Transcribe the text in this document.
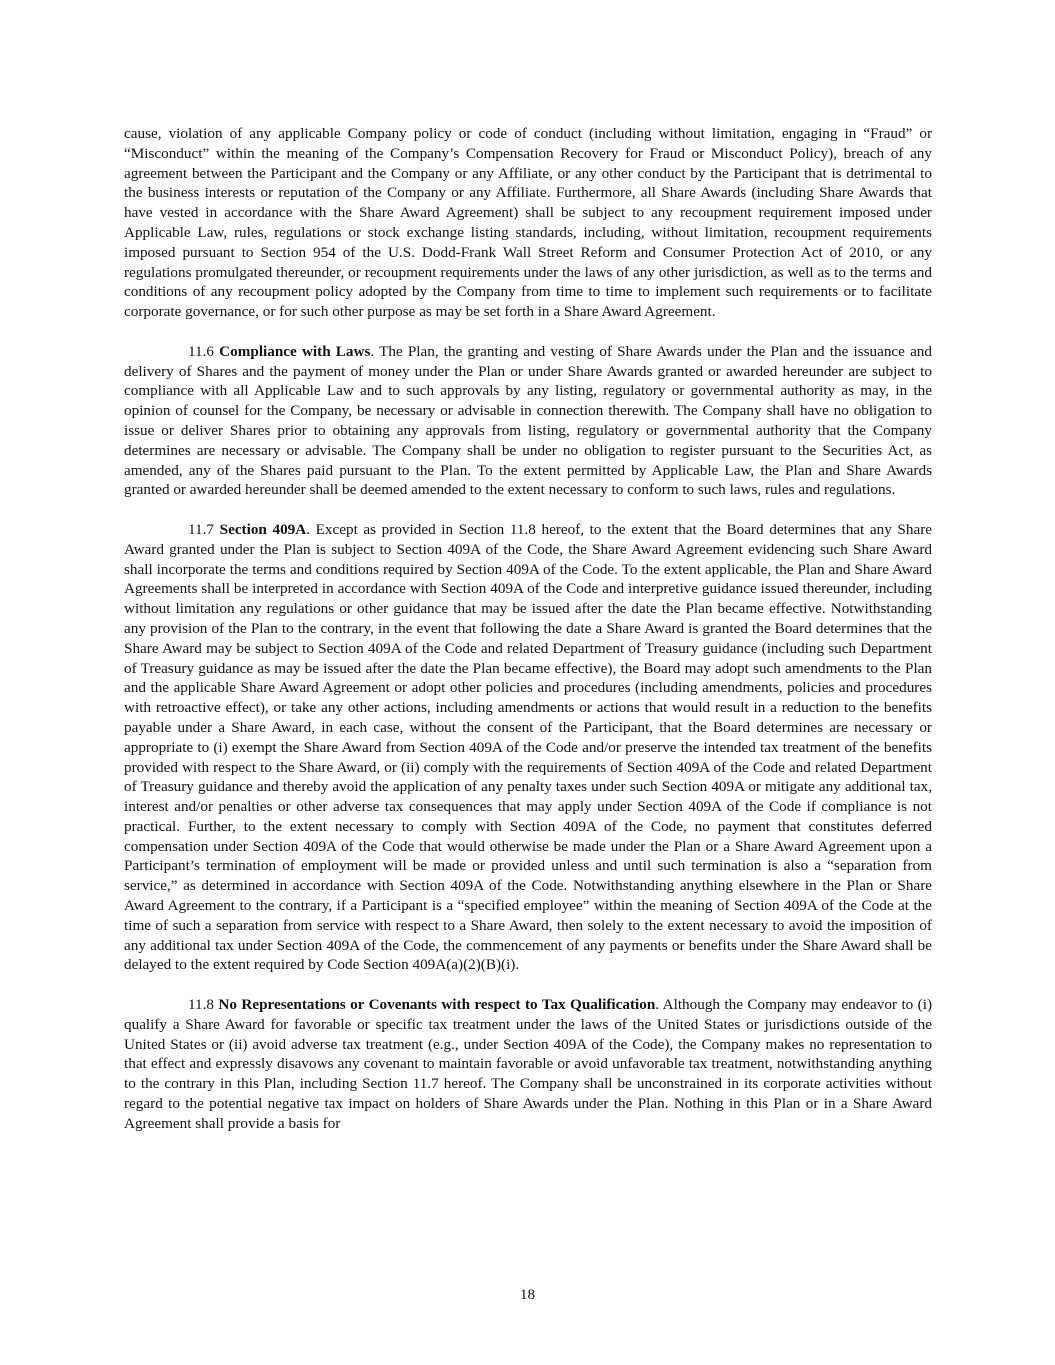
cause, violation of any applicable Company policy or code of conduct (including without limitation, engaging in “Fraud” or “Misconduct” within the meaning of the Company’s Compensation Recovery for Fraud or Misconduct Policy), breach of any agreement between the Participant and the Company or any Affiliate, or any other conduct by the Participant that is detrimental to the business interests or reputation of the Company or any Affiliate. Furthermore, all Share Awards (including Share Awards that have vested in accordance with the Share Award Agreement) shall be subject to any recoupment requirement imposed under Applicable Law, rules, regulations or stock exchange listing standards, including, without limitation, recoupment requirements imposed pursuant to Section 954 of the U.S. Dodd-Frank Wall Street Reform and Consumer Protection Act of 2010, or any regulations promulgated thereunder, or recoupment requirements under the laws of any other jurisdiction, as well as to the terms and conditions of any recoupment policy adopted by the Company from time to time to implement such requirements or to facilitate corporate governance, or for such other purpose as may be set forth in a Share Award Agreement.

11.6 Compliance with Laws. The Plan, the granting and vesting of Share Awards under the Plan and the issuance and delivery of Shares and the payment of money under the Plan or under Share Awards granted or awarded hereunder are subject to compliance with all Applicable Law and to such approvals by any listing, regulatory or governmental authority as may, in the opinion of counsel for the Company, be necessary or advisable in connection therewith. The Company shall have no obligation to issue or deliver Shares prior to obtaining any approvals from listing, regulatory or governmental authority that the Company determines are necessary or advisable. The Company shall be under no obligation to register pursuant to the Securities Act, as amended, any of the Shares paid pursuant to the Plan. To the extent permitted by Applicable Law, the Plan and Share Awards granted or awarded hereunder shall be deemed amended to the extent necessary to conform to such laws, rules and regulations.

11.7 Section 409A. Except as provided in Section 11.8 hereof, to the extent that the Board determines that any Share Award granted under the Plan is subject to Section 409A of the Code, the Share Award Agreement evidencing such Share Award shall incorporate the terms and conditions required by Section 409A of the Code. To the extent applicable, the Plan and Share Award Agreements shall be interpreted in accordance with Section 409A of the Code and interpretive guidance issued thereunder, including without limitation any regulations or other guidance that may be issued after the date the Plan became effective. Notwithstanding any provision of the Plan to the contrary, in the event that following the date a Share Award is granted the Board determines that the Share Award may be subject to Section 409A of the Code and related Department of Treasury guidance (including such Department of Treasury guidance as may be issued after the date the Plan became effective), the Board may adopt such amendments to the Plan and the applicable Share Award Agreement or adopt other policies and procedures (including amendments, policies and procedures with retroactive effect), or take any other actions, including amendments or actions that would result in a reduction to the benefits payable under a Share Award, in each case, without the consent of the Participant, that the Board determines are necessary or appropriate to (i) exempt the Share Award from Section 409A of the Code and/or preserve the intended tax treatment of the benefits provided with respect to the Share Award, or (ii) comply with the requirements of Section 409A of the Code and related Department of Treasury guidance and thereby avoid the application of any penalty taxes under such Section 409A or mitigate any additional tax, interest and/or penalties or other adverse tax consequences that may apply under Section 409A of the Code if compliance is not practical. Further, to the extent necessary to comply with Section 409A of the Code, no payment that constitutes deferred compensation under Section 409A of the Code that would otherwise be made under the Plan or a Share Award Agreement upon a Participant’s termination of employment will be made or provided unless and until such termination is also a “separation from service,” as determined in accordance with Section 409A of the Code. Notwithstanding anything elsewhere in the Plan or Share Award Agreement to the contrary, if a Participant is a “specified employee” within the meaning of Section 409A of the Code at the time of such a separation from service with respect to a Share Award, then solely to the extent necessary to avoid the imposition of any additional tax under Section 409A of the Code, the commencement of any payments or benefits under the Share Award shall be delayed to the extent required by Code Section 409A(a)(2)(B)(i).

11.8 No Representations or Covenants with respect to Tax Qualification. Although the Company may endeavor to (i) qualify a Share Award for favorable or specific tax treatment under the laws of the United States or jurisdictions outside of the United States or (ii) avoid adverse tax treatment (e.g., under Section 409A of the Code), the Company makes no representation to that effect and expressly disavows any covenant to maintain favorable or avoid unfavorable tax treatment, notwithstanding anything to the contrary in this Plan, including Section 11.7 hereof. The Company shall be unconstrained in its corporate activities without regard to the potential negative tax impact on holders of Share Awards under the Plan. Nothing in this Plan or in a Share Award Agreement shall provide a basis for

18
